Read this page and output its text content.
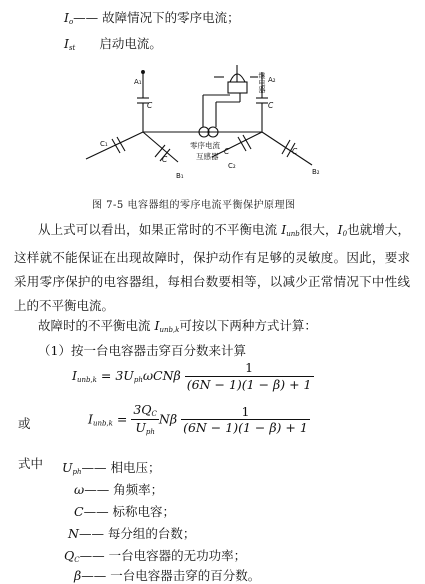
$I_o——$ 故障情况下的零序电流；
$I_{st}$ 启动电流。
A₁
C
C₁
C
B₁
A₂
C
C
C₂
C
B₂
继电器
零序电流
互感器
图 7-5 电容器组的零序电流平衡保护原理图
从上式可以看出，如果正常时的不平衡电流 $I_{unb}$很大，$I_0$也就增大，这样就不能保证在出现故障时，保护动作有足够的灵敏度。因此，要求采用零序保护的电容器组，每相台数要相等，以减少正常情况下中性线上的不平衡电流。
故障时的不平衡电流 $I_{unb,k}$可按以下两种方式计算：
（1）按一台电容器击穿百分数来计算
$I_{unb,k} = 3U_{ph}\omega CN\beta \frac{1}{(6N - 1)(1 - \beta) + 1}$
或	$I_{unb,k} = \frac{3Q_C}{U_{ph}}$ Nβ $\frac{1}{(6N - 1)(1 - \beta) + 1}$
式中 $U_{ph}——$ 相电压；
ω—— 角频率；
C—— 标称电容；
N—— 每分组的台数；
$Q_C——$ 一台电容器的无功功率；
β—— 一台电容器击穿的百分数。
